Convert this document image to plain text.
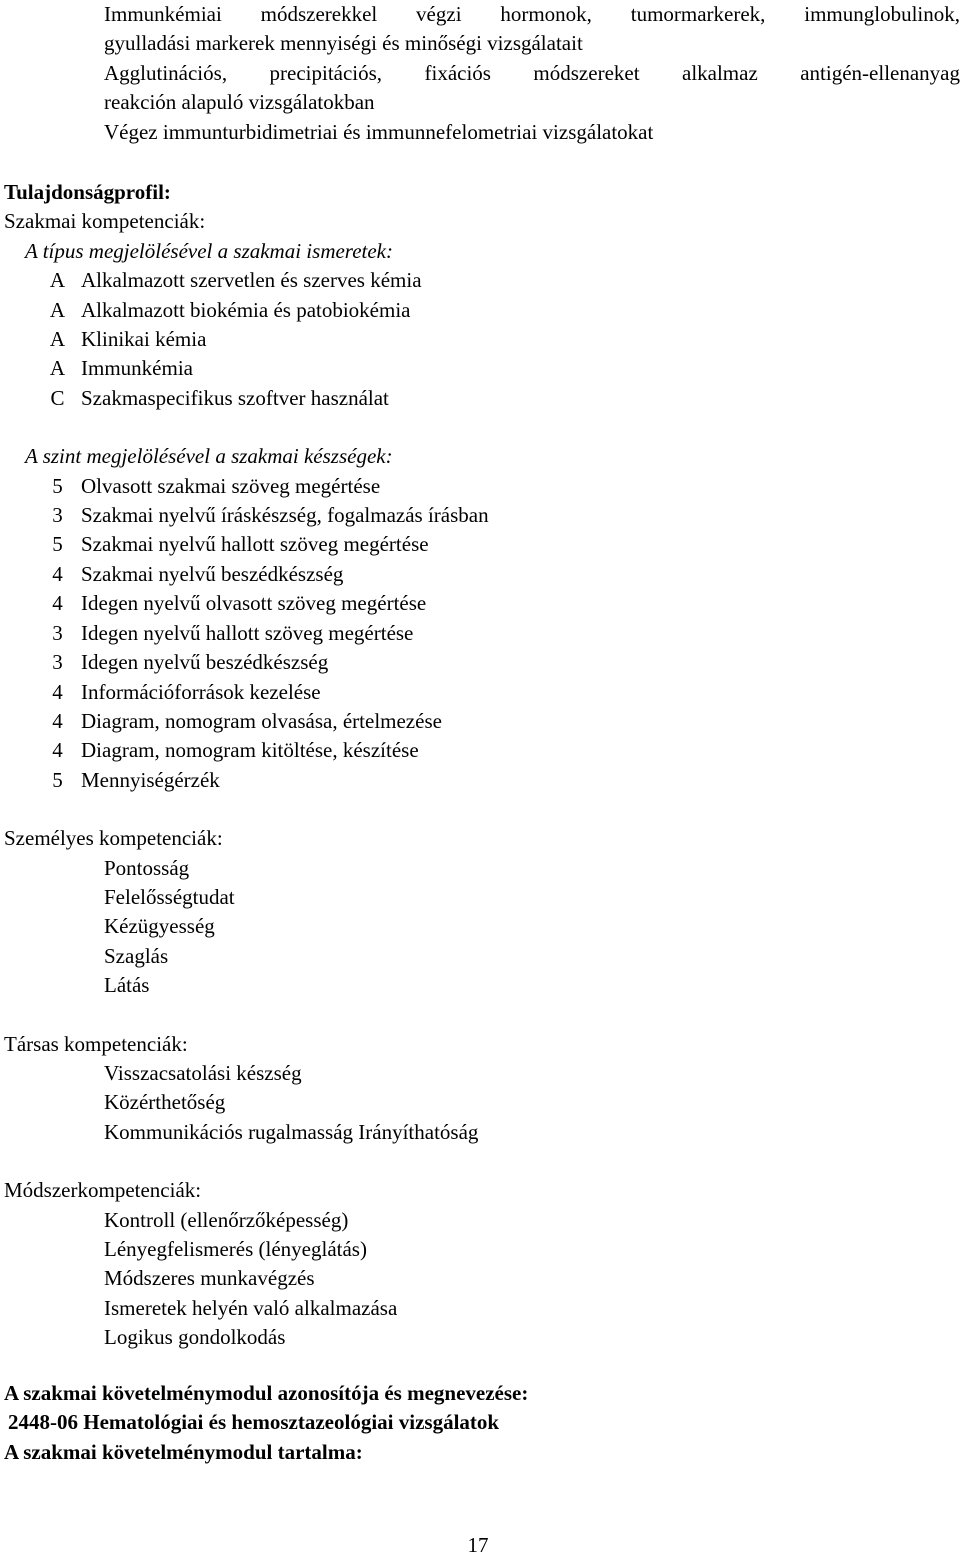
Immunkémiai módszerekkel végzi hormonok, tumormarkerek, immunglobulinok,
gyulladási markerek mennyiségi és minőségi vizsgálatait
Agglutinációs, precipitációs, fixációs módszereket alkalmaz antigén-ellenanyag
reakción alapuló vizsgálatokban
Végez immunturbidimetriai és immunnefelometriai vizsgálatokat
Tulajdonságprofil:
Szakmai kompetenciák:
A típus megjelölésével a szakmai ismeretek:
A Alkalmazott szervetlen és szerves kémia
A Alkalmazott biokémia és patobiokémia
A Klinikai kémia
A Immunkémia
C Szakmaspecifikus szoftver használat
A szint megjelölésével a szakmai készségek:
5 Olvasott szakmai szöveg megértése
3 Szakmai nyelvű íráskészség, fogalmazás írásban
5 Szakmai nyelvű hallott szöveg megértése
4 Szakmai nyelvű beszédkészség
4 Idegen nyelvű olvasott szöveg megértése
3 Idegen nyelvű hallott szöveg megértése
3 Idegen nyelvű beszédkészség
4 Információforrások kezelése
4 Diagram, nomogram olvasása, értelmezése
4 Diagram, nomogram kitöltése, készítése
5 Mennyiségérzék
Személyes kompetenciák:
Pontosság
Felelősségtudat
Kézügyesség
Szaglás
Látás
Társas kompetenciák:
Visszacsatolási készség
Közérthetőség
Kommunikációs rugalmasság Irányíthatóság
Módszerkompetenciák:
Kontroll (ellenőrzőképesség)
Lényegfelismerés (lényeglátás)
Módszeres munkavégzés
Ismeretek helyén való alkalmazása
Logikus gondolkodás
A szakmai követelménymodul azonosítója és megnevezése:
2448-06 Hematológiai és hemosztazeológiai vizsgálatok
A szakmai követelménymodul tartalma:
17
